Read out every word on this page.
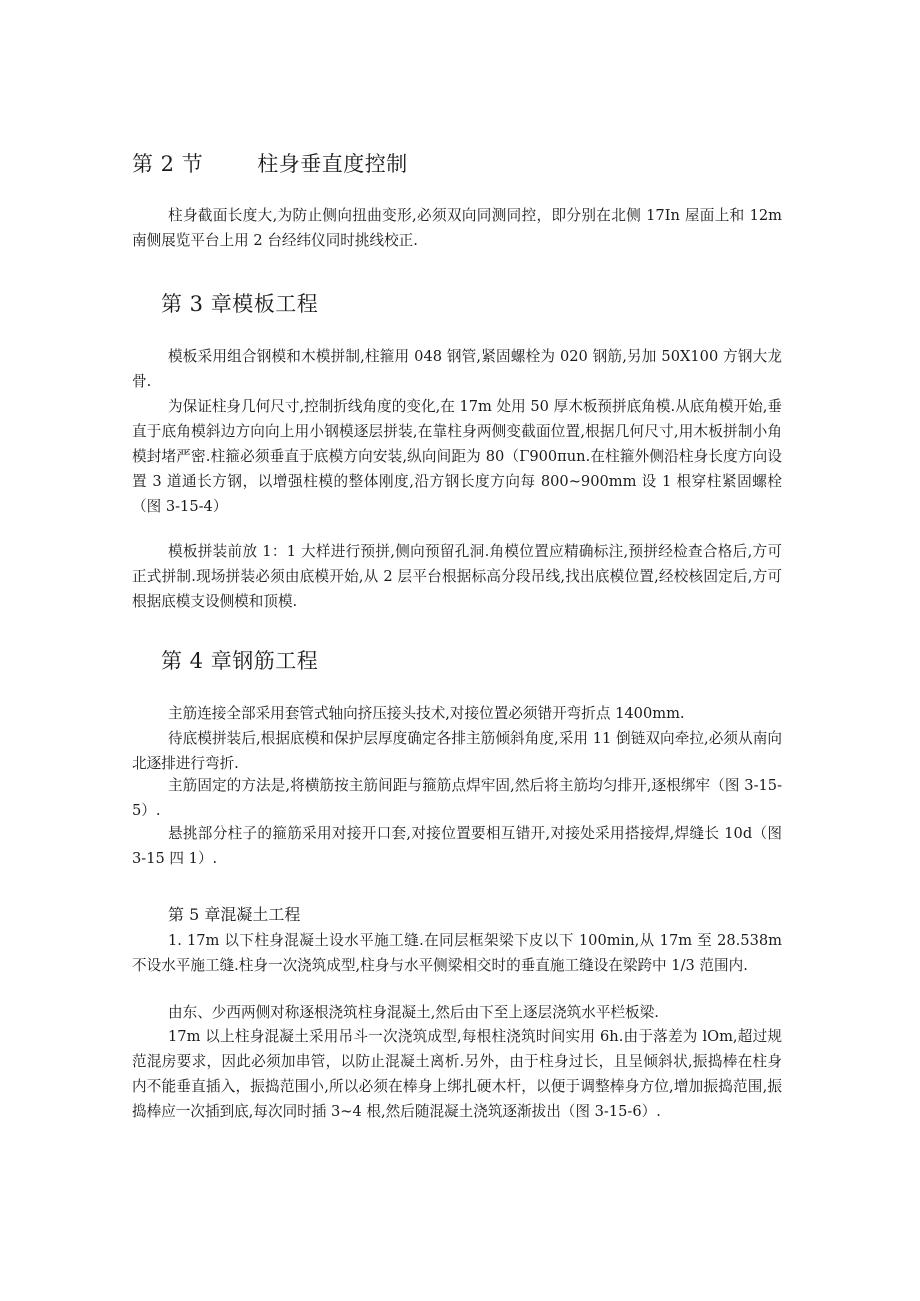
第 2 节	柱身垂直度控制

柱身截面长度大,为防止侧向扭曲变形,必须双向同测同控，即分别在北侧 17In 屋面上和 12m 南侧展览平台上用 2 台经纬仪同时挑线校正.

第 3 章模板工程

模板采用组合钢模和木模拼制,柱箍用 048 钢管,紧固螺栓为 020 钢筋,另加 50X100 方钢大龙骨.

为保证柱身几何尺寸,控制折线角度的变化,在 17m 处用 50 厚木板预拼底角模.从底角模开始,垂直于底角模斜边方向向上用小钢模逐层拼装,在靠柱身两侧变截面位置,根据几何尺寸,用木板拼制小角模封堵严密.柱箍必须垂直于底模方向安装,纵向间距为 80（Γ900πun.在柱箍外侧沿柱身长度方向设置 3 道通长方钢，以增强柱模的整体刚度,沿方钢长度方向每 800~900mm 设 1 根穿柱紧固螺栓（图 3-15-4）

模板拼装前放 1：1 大样进行预拼,侧向预留孔洞.角模位置应精确标注,预拼经检查合格后,方可正式拼制.现场拼装必须由底模开始,从 2 层平台根据标高分段吊线,找出底模位置,经校核固定后,方可根据底模支设侧模和顶模.

第 4 章钢筋工程

主筋连接全部采用套管式轴向挤压接头技术,对接位置必须错开弯折点 1400mm.

待底模拼装后,根据底模和保护层厚度确定各排主筋倾斜角度,采用 11 倒链双向牵拉,必须从南向北逐排进行弯折.

主筋固定的方法是,将横筋按主筋间距与箍筋点焊牢固,然后将主筋均匀排开,逐根绑牢（图 3-15-5）.

悬挑部分柱子的箍筋采用对接开口套,对接位置要相互错开,对接处采用搭接焊,焊缝长 10d（图 3-15 四 1）.

第 5 章混凝土工程

1. 17m 以下柱身混凝土设水平施工缝.在同层框架梁下皮以下 100min,从 17m 至 28.538m 不设水平施工缝.柱身一次浇筑成型,柱身与水平侧梁相交时的垂直施工缝设在梁跨中 1/3 范围内.

由东、少西两侧对称逐根浇筑柱身混凝土,然后由下至上逐层浇筑水平栏板梁.

17m 以上柱身混凝土采用吊斗一次浇筑成型,每根柱浇筑时间实用 6h.由于落差为 lOm,超过规范混房要求，因此必须加串管，以防止混凝土离析.另外，由于柱身过长，且呈倾斜状,振捣棒在柱身内不能垂直插入，振捣范围小,所以必须在棒身上绑扎硬木杆，以便于调整棒身方位,增加振捣范围,振捣棒应一次插到底,每次同时插 3~4 根,然后随混凝土浇筑逐渐拔出（图 3-15-6）.
